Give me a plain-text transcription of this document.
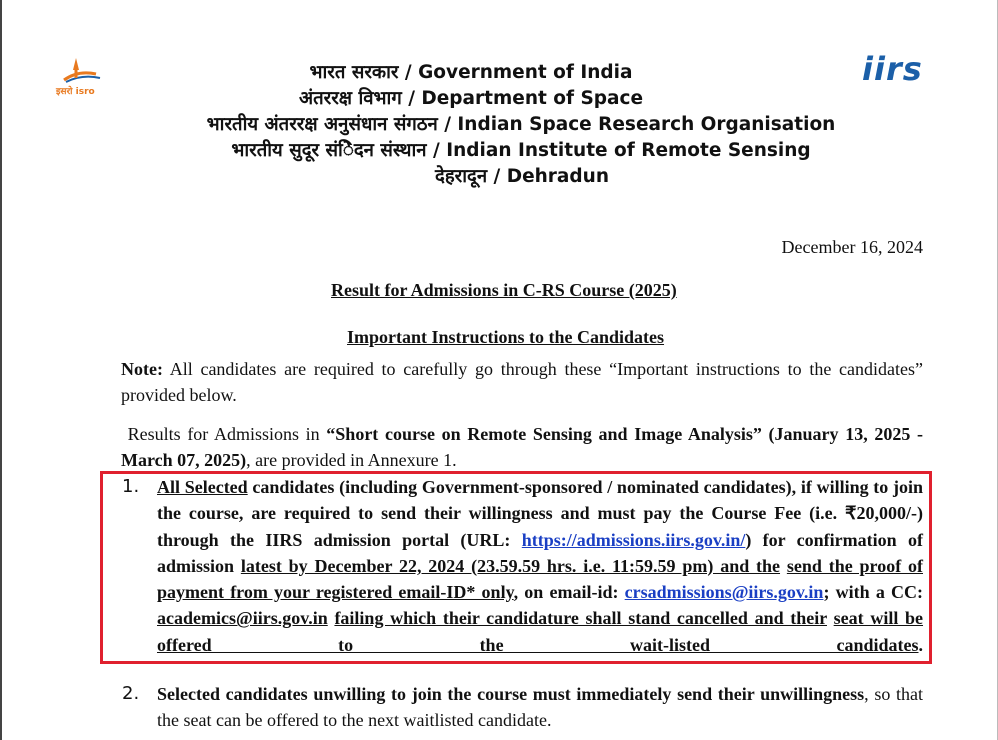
इसरो isro
iirs
भारत सरकार / Government of India
अंतररक्ष विभाग / Department of Space
भारतीय अंतररक्ष अनुसंधान संगठन / Indian Space Research Organisation
भारतीय सुदूर संिेदन संस्थान / Indian Institute of Remote Sensing
देहरादून / Dehradun
December 16, 2024
Result for Admissions in C-RS Course (2025)
Important Instructions to the Candidates
Note: All candidates are required to carefully go through these “Important instructions to the candidates” provided below.
Results for Admissions in “Short course on Remote Sensing and Image Analysis” (January 13, 2025 - March 07, 2025), are provided in Annexure 1.
1. All Selected candidates (including Government-sponsored / nominated candidates), if willing to join the course, are required to send their willingness and must pay the Course Fee (i.e. ₹20,000/-) through the IIRS admission portal (URL: https://admissions.iirs.gov.in/) for confirmation of admission latest by December 22, 2024 (23.59.59 hrs. i.e. 11:59.59 pm) and the send the proof of payment from your registered email-ID* only, on email-id: crsadmissions@iirs.gov.in; with a CC: academics@iirs.gov.in failing which their candidature shall stand cancelled and their seat will be offered to the wait-listed candidates.
2. Selected candidates unwilling to join the course must immediately send their unwillingness, so that the seat can be offered to the next waitlisted candidate.
